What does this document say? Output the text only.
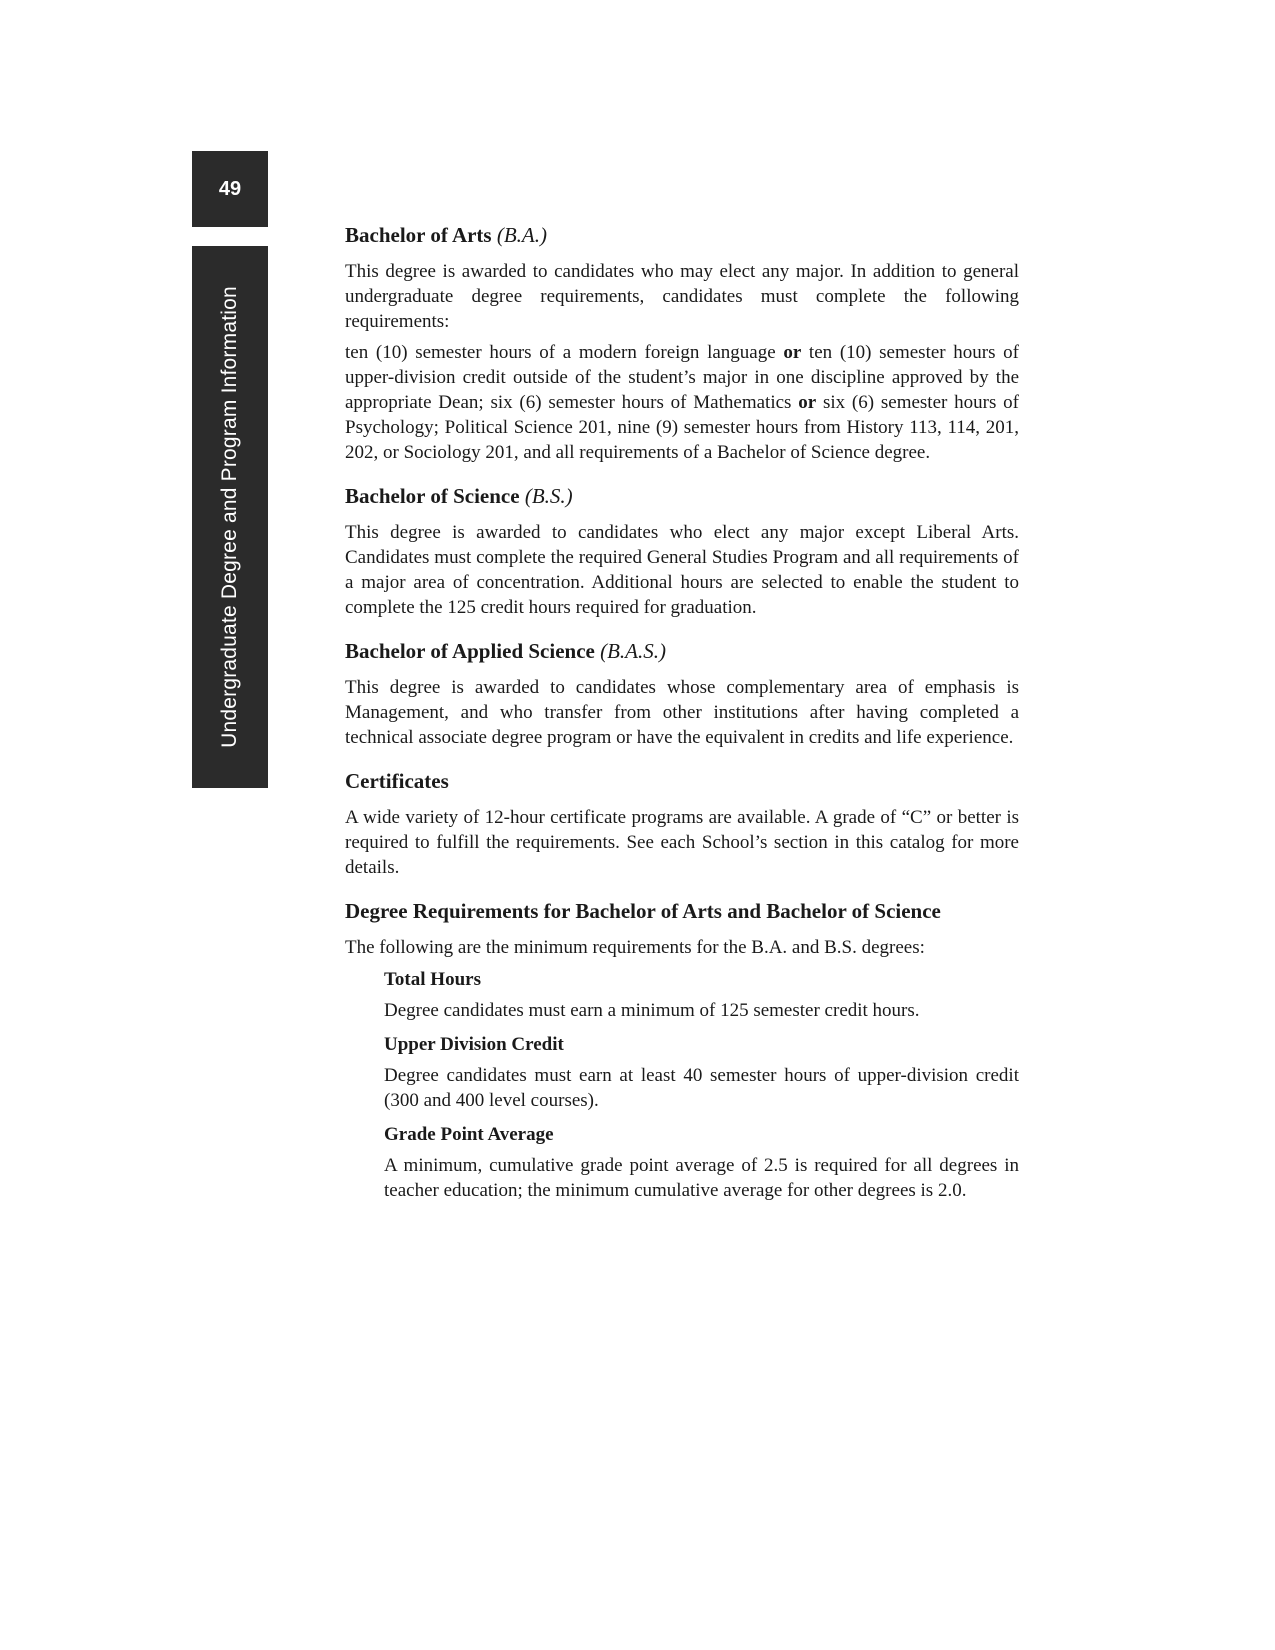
49
Undergraduate Degree and Program Information
Bachelor of Arts (B.A.)

This degree is awarded to candidates who may elect any major. In addition to general undergraduate degree requirements, candidates must complete the following requirements:

ten (10) semester hours of a modern foreign language or ten (10) semester hours of upper-division credit outside of the student’s major in one discipline approved by the appropriate Dean; six (6) semester hours of Mathematics or six (6) semester hours of Psychology; Political Science 201, nine (9) semester hours from History 113, 114, 201, 202, or Sociology 201, and all requirements of a Bachelor of Science degree.

Bachelor of Science (B.S.)

This degree is awarded to candidates who elect any major except Liberal Arts. Candidates must complete the required General Studies Program and all requirements of a major area of concentration. Additional hours are selected to enable the student to complete the 125 credit hours required for graduation.

Bachelor of Applied Science (B.A.S.)

This degree is awarded to candidates whose complementary area of emphasis is Management, and who transfer from other institutions after having completed a technical associate degree program or have the equivalent in credits and life experience.

Certificates

A wide variety of 12-hour certificate programs are available. A grade of “C” or better is required to fulfill the requirements. See each School’s section in this catalog for more details.

Degree Requirements for Bachelor of Arts and Bachelor of Science

The following are the minimum requirements for the B.A. and B.S. degrees:

Total Hours

Degree candidates must earn a minimum of 125 semester credit hours.

Upper Division Credit

Degree candidates must earn at least 40 semester hours of upper-division credit (300 and 400 level courses).

Grade Point Average

A minimum, cumulative grade point average of 2.5 is required for all degrees in teacher education; the minimum cumulative average for other degrees is 2.0.
